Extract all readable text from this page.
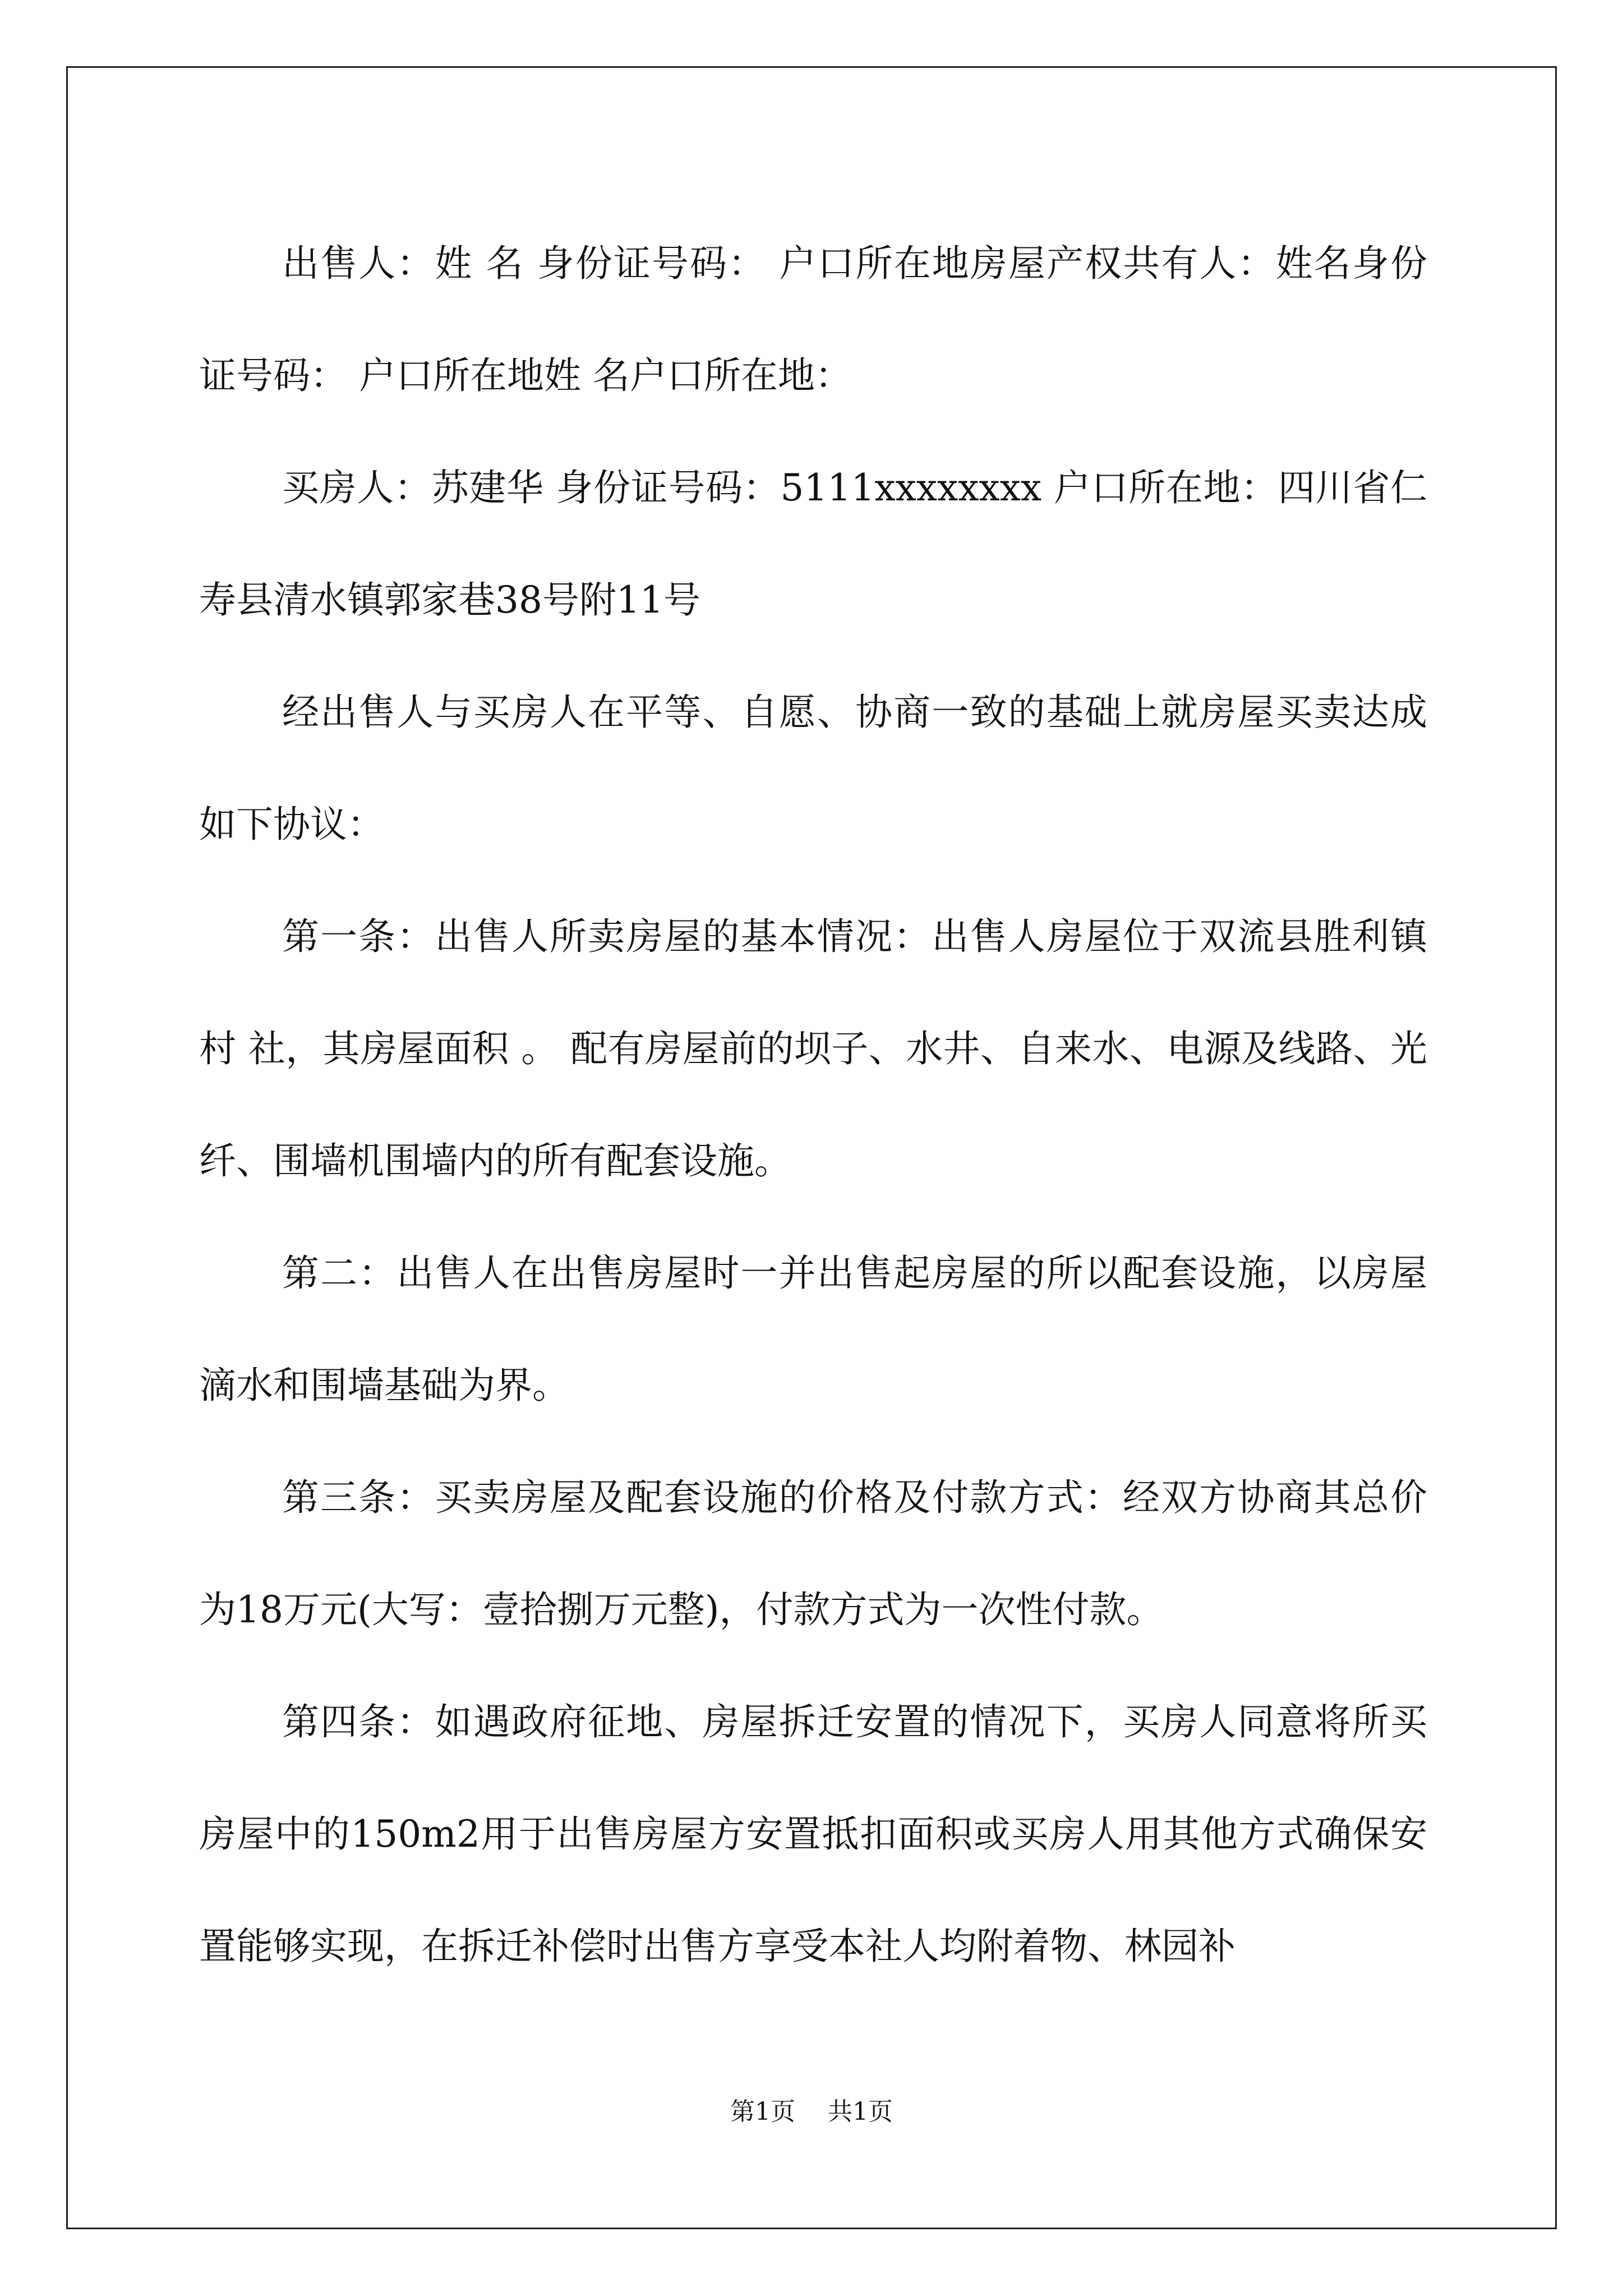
出售人：姓 名 身份证号码： 户口所在地房屋产权共有人：姓名身份证号码： 户口所在地姓 名户口所在地：

买房人：苏建华 身份证号码：5111xxxxxxxx 户口所在地：四川省仁寿县清水镇郭家巷38号附11号

经出售人与买房人在平等、自愿、协商一致的基础上就房屋买卖达成如下协议：

第一条：出售人所卖房屋的基本情况：出售人房屋位于双流县胜利镇 村 社，其房屋面积 。 配有房屋前的坝子、水井、自来水、电源及线路、光纤、围墙机围墙内的所有配套设施。

第二：出售人在出售房屋时一并出售起房屋的所以配套设施，以房屋滴水和围墙基础为界。

第三条：买卖房屋及配套设施的价格及付款方式：经双方协商其总价为18万元(大写：壹拾捌万元整)，付款方式为一次性付款。

第四条：如遇政府征地、房屋拆迁安置的情况下，买房人同意将所买房屋中的150m2用于出售房屋方安置抵扣面积或买房人用其他方式确保安置能够实现，在拆迁补偿时出售方享受本社人均附着物、林园补

第1页 共1页
